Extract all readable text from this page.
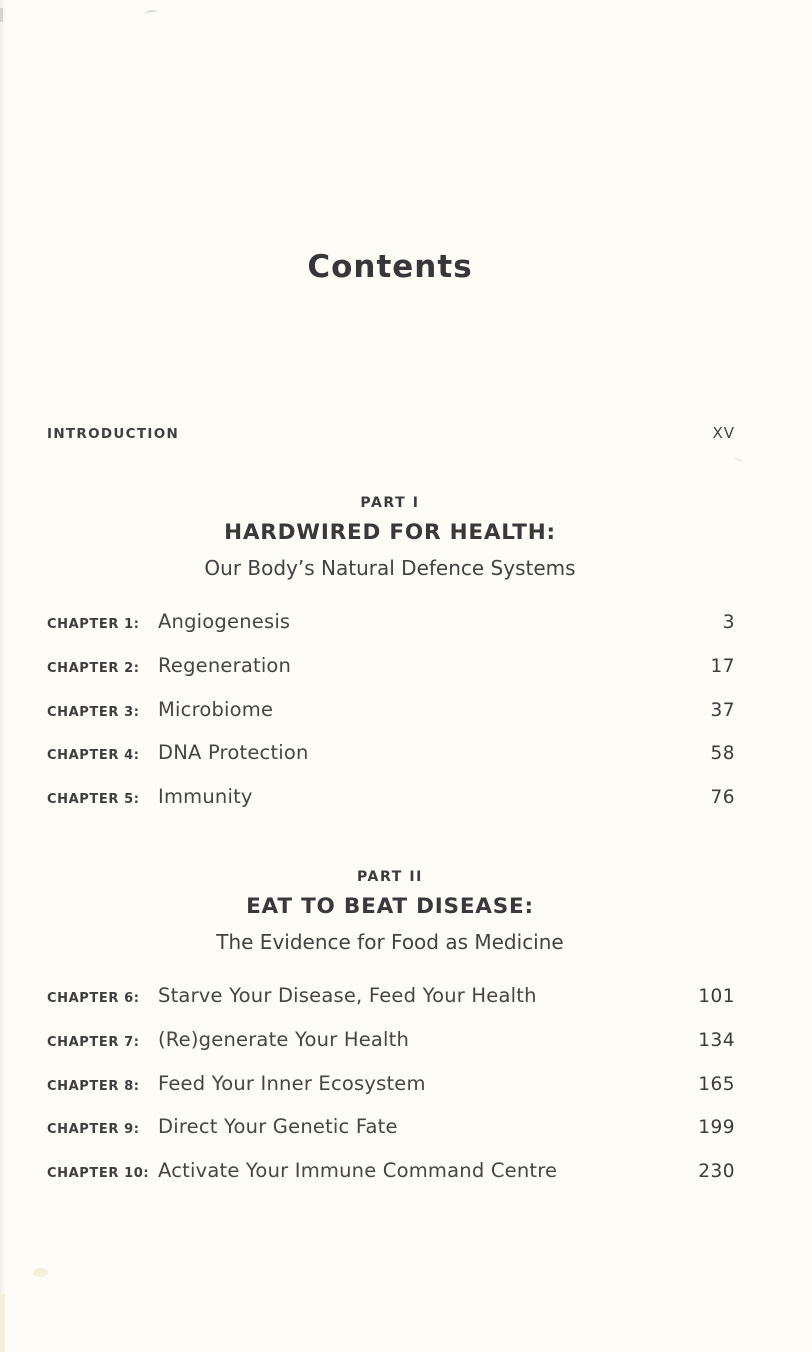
Contents
INTRODUCTION	XV
PART I
HARDWIRED FOR HEALTH:
Our Body’s Natural Defence Systems
CHAPTER 1: Angiogenesis	3
CHAPTER 2: Regeneration	17
CHAPTER 3: Microbiome	37
CHAPTER 4: DNA Protection	58
CHAPTER 5: Immunity	76
PART II
EAT TO BEAT DISEASE:
The Evidence for Food as Medicine
CHAPTER 6: Starve Your Disease, Feed Your Health	101
CHAPTER 7: (Re)generate Your Health	134
CHAPTER 8: Feed Your Inner Ecosystem	165
CHAPTER 9: Direct Your Genetic Fate	199
CHAPTER 10: Activate Your Immune Command Centre	230
